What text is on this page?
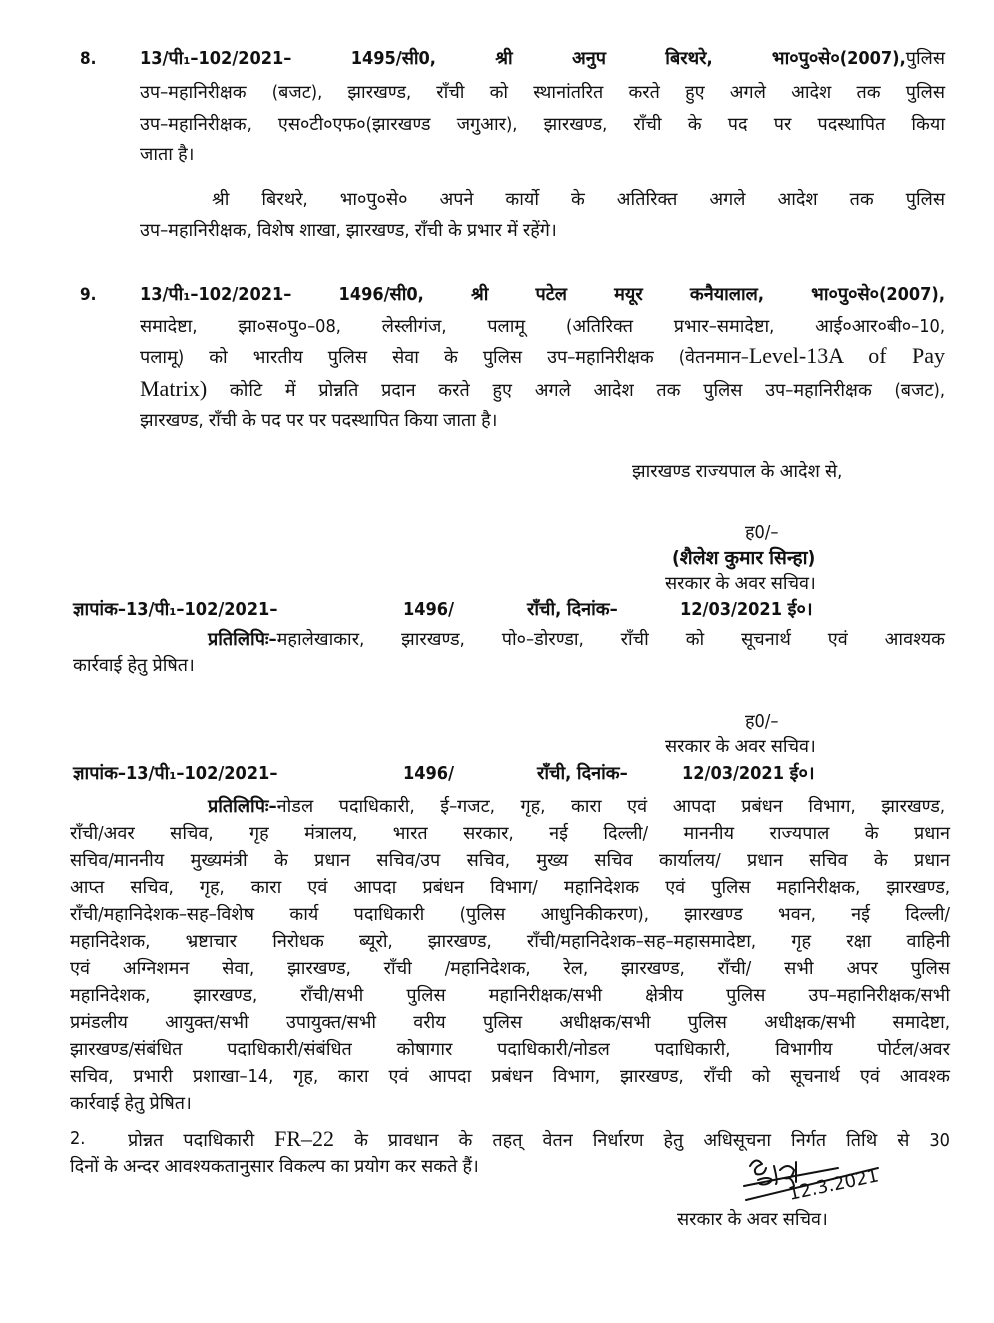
8. 13/पी₁–102/2021– 1495/सी0, श्री अनुप बिरथरे, भा०पु०से०(2007), पुलिस
उप–महानिरीक्षक (बजट), झारखण्ड, राँची को स्थानांतरित करते हुए अगले आदेश तक पुलिस
उप–महानिरीक्षक, एस०टी०एफ०(झारखण्ड जगुआर), झारखण्ड, राँची के पद पर पदस्थापित किया
जाता है।
श्री बिरथरे, भा०पु०से० अपने कार्यो के अतिरिक्त अगले आदेश तक पुलिस
उप–महानिरीक्षक, विशेष शाखा, झारखण्ड, राँची के प्रभार में रहेंगे।
9. 13/पी₁–102/2021– 1496/सी0, श्री पटेल मयूर कनैयालाल, भा०पु०से०(2007),
समादेष्टा, झा०स०पु०–08, लेस्लीगंज, पलामू (अतिरिक्त प्रभार–समादेष्टा, आई०आर०बी०–10,
पलामू) को भारतीय पुलिस सेवा के पुलिस उप–महानिरीक्षक (वेतनमान–Level-13A of Pay
Matrix) कोटि में प्रोन्नति प्रदान करते हुए अगले आदेश तक पुलिस उप–महानिरीक्षक (बजट),
झारखण्ड, राँची के पद पर पर पदस्थापित किया जाता है।
झारखण्ड राज्यपाल के आदेश से,
ह0/–
(शैलेश कुमार सिन्हा)
सरकार के अवर सचिव।
ज्ञापांक–13/पी₁–102/2021–	1496/	राँची, दिनांक–	12/03/2021 ई०।
प्रतिलिपिः–महालेखाकार, झारखण्ड, पो०–डोरण्डा, राँची को सूचनार्थ एवं आवश्यक
कार्रवाई हेतु प्रेषित।
ह0/–
सरकार के अवर सचिव।
ज्ञापांक–13/पी₁–102/2021–	1496/	राँची, दिनांक–	12/03/2021 ई०।
प्रतिलिपिः–नोडल पदाधिकारी, ई–गजट, गृह, कारा एवं आपदा प्रबंधन विभाग, झारखण्ड,
राँची/अवर सचिव, गृह मंत्रालय, भारत सरकार, नई दिल्ली/ माननीय राज्यपाल के प्रधान
सचिव/माननीय मुख्यमंत्री के प्रधान सचिव/उप सचिव, मुख्य सचिव कार्यालय/ प्रधान सचिव के प्रधान
आप्त सचिव, गृह, कारा एवं आपदा प्रबंधन विभाग/ महानिदेशक एवं पुलिस महानिरीक्षक, झारखण्ड,
राँची/महानिदेशक–सह–विशेष कार्य पदाधिकारी (पुलिस आधुनिकीकरण), झारखण्ड भवन, नई दिल्ली/
महानिदेशक, भ्रष्टाचार निरोधक ब्यूरो, झारखण्ड, राँची/महानिदेशक–सह–महासमादेष्टा, गृह रक्षा वाहिनी
एवं अग्निशमन सेवा, झारखण्ड, राँची /महानिदेशक, रेल, झारखण्ड, राँची/ सभी अपर पुलिस
महानिदेशक, झारखण्ड, राँची/सभी पुलिस महानिरीक्षक/सभी क्षेत्रीय पुलिस उप–महानिरीक्षक/सभी
प्रमंडलीय आयुक्त/सभी उपायुक्त/सभी वरीय पुलिस अधीक्षक/सभी पुलिस अधीक्षक/सभी समादेष्टा,
झारखण्ड/संबंधित पदाधिकारी/संबंधित कोषागार पदाधिकारी/नोडल पदाधिकारी, विभागीय पोर्टल/अवर
सचिव, प्रभारी प्रशाखा–14, गृह, कारा एवं आपदा प्रबंधन विभाग, झारखण्ड, राँची को सूचनार्थ एवं आवश्क
कार्रवाई हेतु प्रेषित।
2. प्रोन्नत पदाधिकारी FR–22 के प्रावधान के तहत् वेतन निर्धारण हेतु अधिसूचना निर्गत तिथि से 30
दिनों के अन्दर आवश्यकतानुसार विकल्प का प्रयोग कर सकते हैं।	12.3.2021
सरकार के अवर सचिव।
